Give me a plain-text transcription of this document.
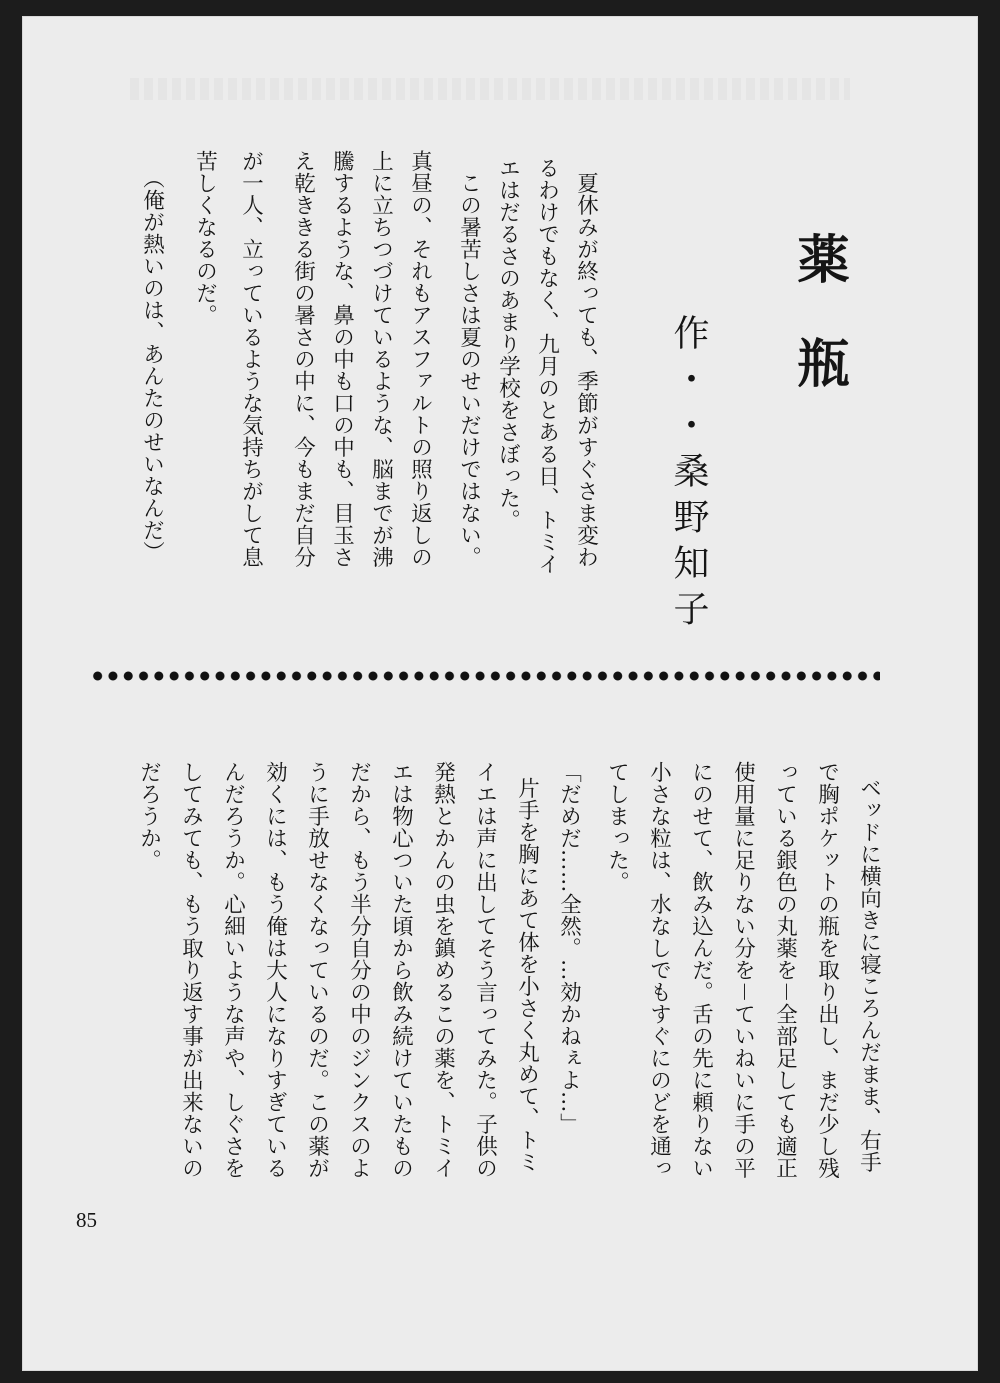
薬瓶
作・・桑野知子
夏休みが終っても、季節がすぐさま変わ
るわけでもなく、九月のとある日、トミイ
エはだるさのあまり学校をさぼった。
この暑苦しさは夏のせいだけではない。
真昼の、それもアスファルトの照り返しの
上に立ちつづけているような、脳までが沸
騰するような、鼻の中も口の中も、目玉さ
え乾ききる街の暑さの中に、今もまだ自分
が一人、立っているような気持ちがして息
苦しくなるのだ。
（俺が熱いのは、あんたのせいなんだ）
ベッドに横向きに寝ころんだまま、右手
で胸ポケットの瓶を取り出し、まだ少し残
っている銀色の丸薬を－全部足しても適正
使用量に足りない分を－ていねいに手の平
にのせて、飲み込んだ。舌の先に頼りない
小さな粒は、水なしでもすぐにのどを通っ
てしまった。
「だめだ……全然。…効かねぇよ…」
片手を胸にあて体を小さく丸めて、トミ
イエは声に出してそう言ってみた。子供の
発熱とかんの虫を鎮めるこの薬を、トミイ
エは物心ついた頃から飲み続けていたもの
だから、もう半分自分の中のジンクスのよ
うに手放せなくなっているのだ。この薬が
効くには、もう俺は大人になりすぎている
んだろうか。心細いような声や、しぐさを
してみても、もう取り返す事が出来ないの
だろうか。
85
